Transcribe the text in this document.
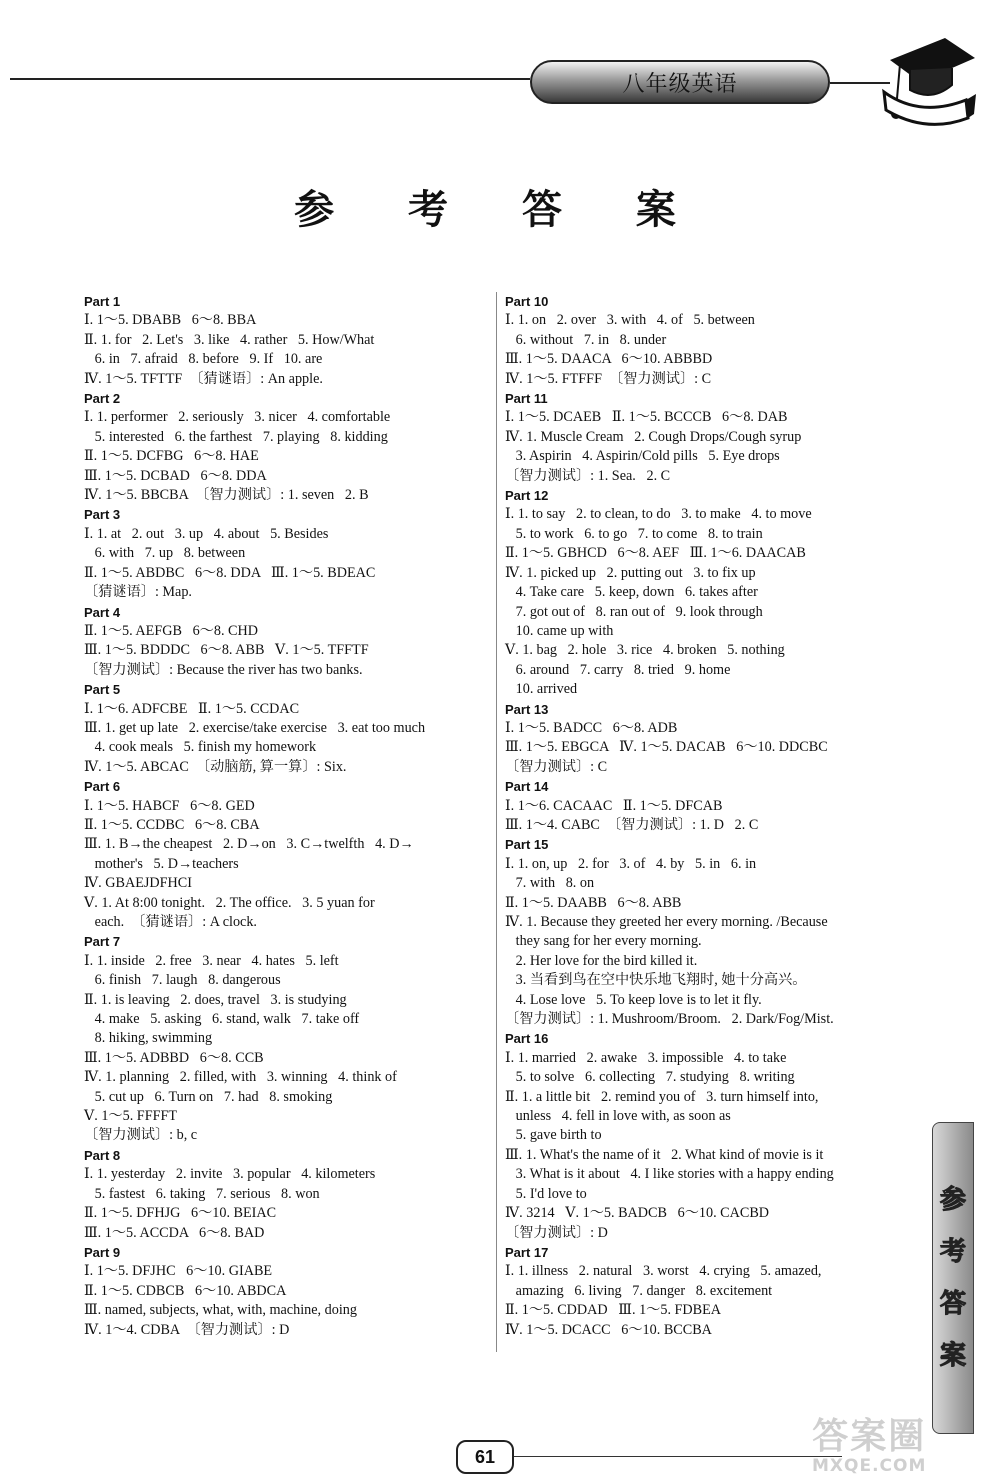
八年级英语
参 考 答 案
Part 1
Ⅰ. 1～5. DBABB   6～8. BBA
Ⅱ. 1. for   2. Let's   3. like   4. rather   5. How/What
6. in   7. afraid   8. before   9. If   10. are
Ⅳ. 1～5. TFTTF  〔猜谜语〕: An apple.
Part 2
Ⅰ. 1. performer   2. seriously   3. nicer   4. comfortable
5. interested   6. the farthest   7. playing   8. kidding
Ⅱ. 1～5. DCFBG   6～8. HAE
Ⅲ. 1～5. DCBAD   6～8. DDA
Ⅳ. 1～5. BBCBA  〔智力测试〕: 1. seven   2. B
Part 3
Ⅰ. 1. at   2. out   3. up   4. about   5. Besides
6. with   7. up   8. between
Ⅱ. 1～5. ABDBC   6～8. DDA   Ⅲ. 1～5. BDEAC
〔猜谜语〕: Map.
Part 4
Ⅱ. 1～5. AEFGB   6～8. CHD
Ⅲ. 1～5. BDDDC   6～8. ABB   Ⅴ. 1～5. TFFTF
〔智力测试〕: Because the river has two banks.
Part 5
Ⅰ. 1～6. ADFCBE   Ⅱ. 1～5. CCDAC
Ⅲ. 1. get up late   2. exercise/take exercise   3. eat too much
4. cook meals   5. finish my homework
Ⅳ. 1～5. ABCAC  〔动脑筋, 算一算〕: Six.
Part 6
Ⅰ. 1～5. HABCF   6～8. GED
Ⅱ. 1～5. CCDBC   6～8. CBA
Ⅲ. 1. B→the cheapest   2. D→on   3. C→twelfth   4. D→
mother's   5. D→teachers
Ⅳ. GBAEJDFHCI
Ⅴ. 1. At 8:00 tonight.   2. The office.   3. 5 yuan for
each.  〔猜谜语〕: A clock.
Part 7
Ⅰ. 1. inside   2. free   3. near   4. hates   5. left
6. finish   7. laugh   8. dangerous
Ⅱ. 1. is leaving   2. does, travel   3. is studying
4. make   5. asking   6. stand, walk   7. take off
8. hiking, swimming
Ⅲ. 1～5. ADBBD   6～8. CCB
Ⅳ. 1. planning   2. filled, with   3. winning   4. think of
5. cut up   6. Turn on   7. had   8. smoking
Ⅴ. 1～5. FFFFT
〔智力测试〕: b, c
Part 8
Ⅰ. 1. yesterday   2. invite   3. popular   4. kilometers
5. fastest   6. taking   7. serious   8. won
Ⅱ. 1～5. DFHJG   6～10. BEIAC
Ⅲ. 1～5. ACCDA   6～8. BAD
Part 9
Ⅰ. 1～5. DFJHC   6～10. GIABE
Ⅱ. 1～5. CDBCB   6～10. ABDCA
Ⅲ. named, subjects, what, with, machine, doing
Ⅳ. 1～4. CDBA  〔智力测试〕: D
Part 10
Ⅰ. 1. on   2. over   3. with   4. of   5. between
6. without   7. in   8. under
Ⅲ. 1～5. DAACA   6～10. ABBBD
Ⅳ. 1～5. FTFFF  〔智力测试〕: C
Part 11
Ⅰ. 1～5. DCAEB   Ⅱ. 1～5. BCCCB   6～8. DAB
Ⅳ. 1. Muscle Cream   2. Cough Drops/Cough syrup
3. Aspirin   4. Aspirin/Cold pills   5. Eye drops
〔智力测试〕: 1. Sea.   2. C
Part 12
Ⅰ. 1. to say   2. to clean, to do   3. to make   4. to move
5. to work   6. to go   7. to come   8. to train
Ⅱ. 1～5. GBHCD   6～8. AEF   Ⅲ. 1～6. DAACAB
Ⅳ. 1. picked up   2. putting out   3. to fix up
4. Take care   5. keep, down   6. takes after
7. got out of   8. ran out of   9. look through
10. came up with
Ⅴ. 1. bag   2. hole   3. rice   4. broken   5. nothing
6. around   7. carry   8. tried   9. home
10. arrived
Part 13
Ⅰ. 1～5. BADCC   6～8. ADB
Ⅲ. 1～5. EBGCA   Ⅳ. 1～5. DACAB   6～10. DDCBC
〔智力测试〕: C
Part 14
Ⅰ. 1～6. CACAAC   Ⅱ. 1～5. DFCAB
Ⅲ. 1～4. CABC  〔智力测试〕: 1. D   2. C
Part 15
Ⅰ. 1. on, up   2. for   3. of   4. by   5. in   6. in
7. with   8. on
Ⅱ. 1～5. DAABB   6～8. ABB
Ⅳ. 1. Because they greeted her every morning. /Because
they sang for her every morning.
2. Her love for the bird killed it.
3. 当看到鸟在空中快乐地飞翔时, 她十分高兴。
4. Lose love   5. To keep love is to let it fly.
〔智力测试〕: 1. Mushroom/Broom.   2. Dark/Fog/Mist.
Part 16
Ⅰ. 1. married   2. awake   3. impossible   4. to take
5. to solve   6. collecting   7. studying   8. writing
Ⅱ. 1. a little bit   2. remind you of   3. turn himself into,
unless   4. fell in love with, as soon as
5. gave birth to
Ⅲ. 1. What's the name of it   2. What kind of movie is it
3. What is it about   4. I like stories with a happy ending
5. I'd love to
Ⅳ. 3214   Ⅴ. 1～5. BADCB   6～10. CACBD
〔智力测试〕: D
Part 17
Ⅰ. 1. illness   2. natural   3. worst   4. crying   5. amazed,
amazing   6. living   7. danger   8. excitement
Ⅱ. 1～5. CDDAD   Ⅲ. 1～5. FDBEA
Ⅳ. 1～5. DCACC   6～10. BCCBA
参
考
答
案
61	答案圈
MXQE.COM
